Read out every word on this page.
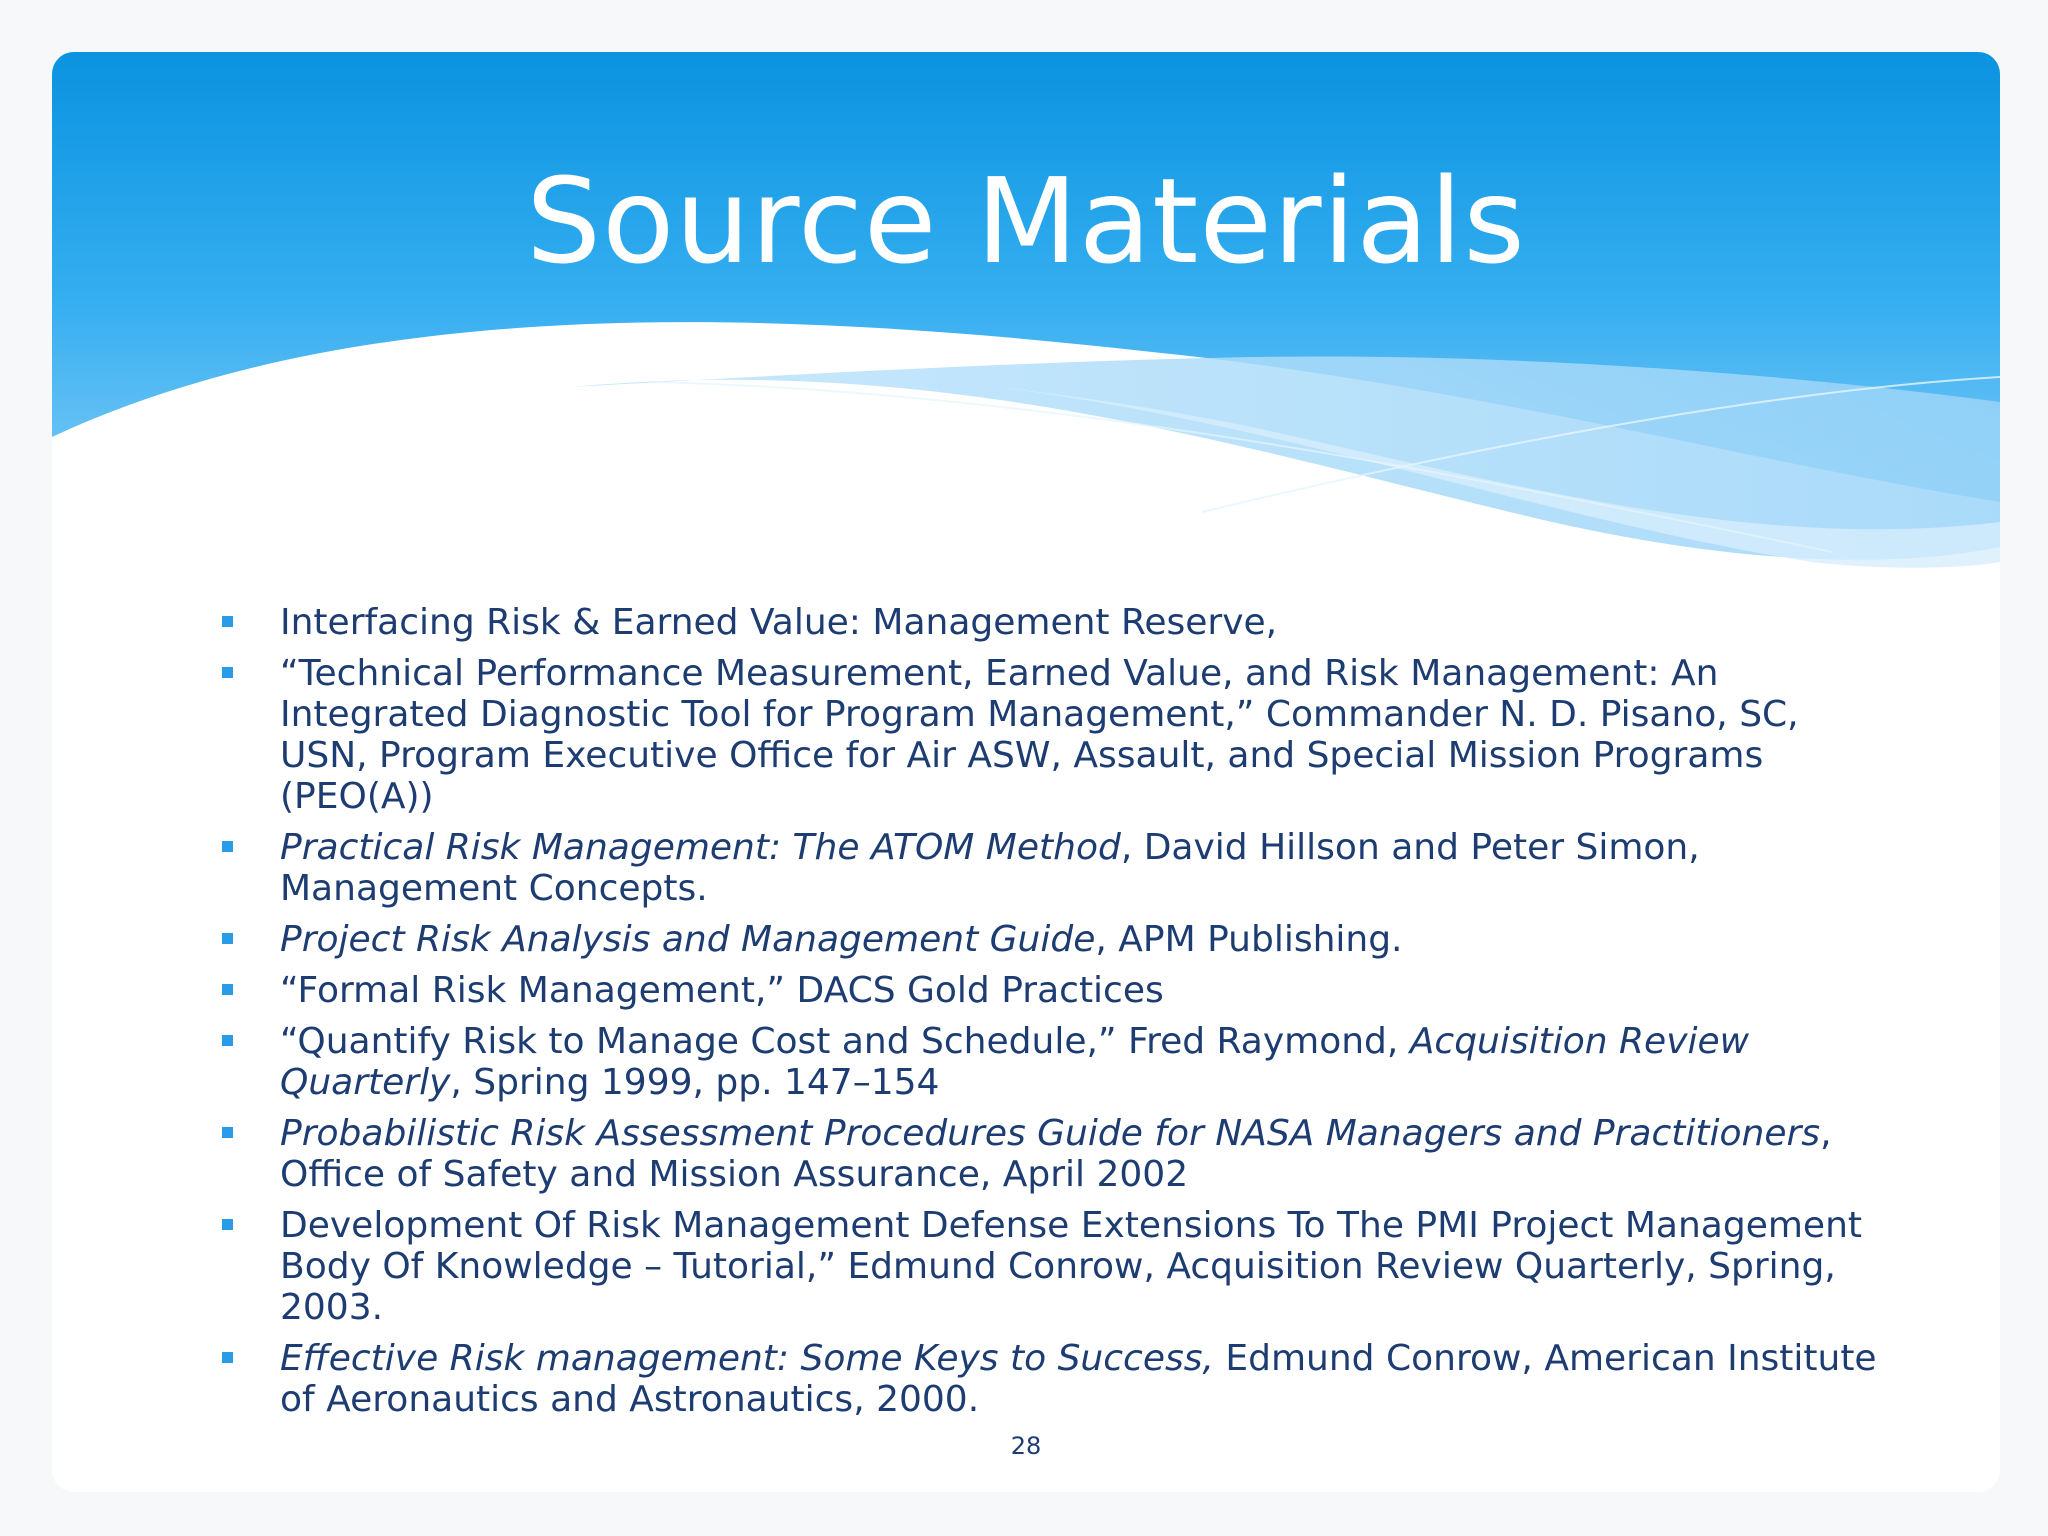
Source Materials
Interfacing Risk & Earned Value: Management Reserve,
“Technical Performance Measurement, Earned Value, and Risk Management: An Integrated Diagnostic Tool for Program Management,” Commander N. D. Pisano, SC, USN, Program Executive Office for Air ASW, Assault, and Special Mission Programs (PEO(A))
Practical Risk Management: The ATOM Method, David Hillson and Peter Simon, Management Concepts.
Project Risk Analysis and Management Guide, APM Publishing.
“Formal Risk Management,” DACS Gold Practices
“Quantify Risk to Manage Cost and Schedule,” Fred Raymond, Acquisition Review Quarterly, Spring 1999, pp. 147–154
Probabilistic Risk Assessment Procedures Guide for NASA Managers and Practitioners, Office of Safety and Mission Assurance, April 2002
Development Of Risk Management Defense Extensions To The PMI Project Management Body Of Knowledge – Tutorial,” Edmund Conrow, Acquisition Review Quarterly, Spring, 2003.
Effective Risk management: Some Keys to Success, Edmund Conrow, American Institute of Aeronautics and Astronautics, 2000.
28
